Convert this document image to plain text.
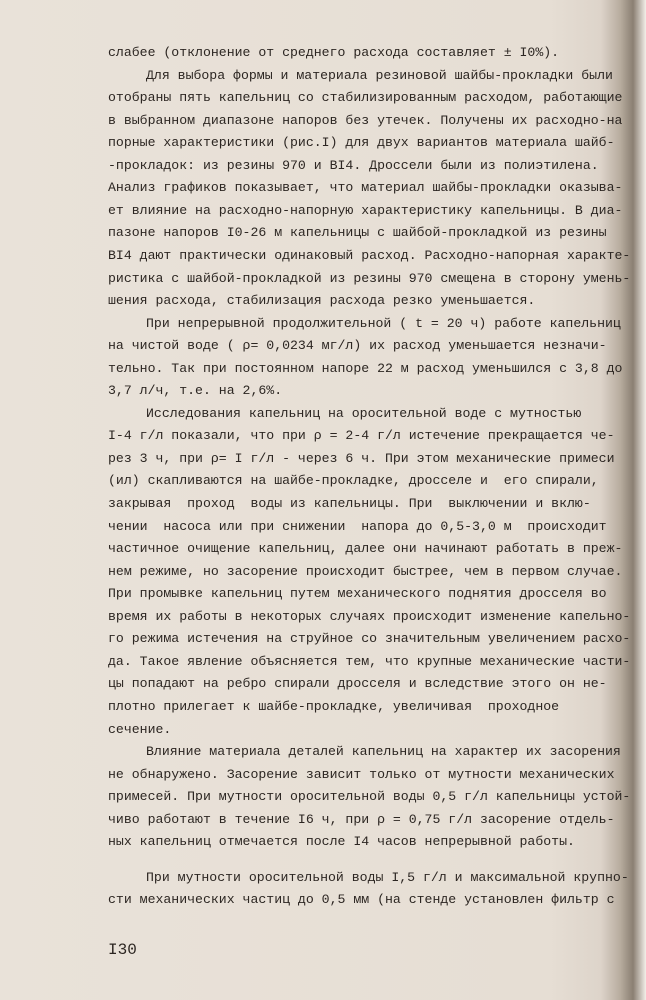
слабее (отклонение от среднего расхода составляет ± I0%).
Для выбора формы и материала резиновой шайбы-прокладки были
отобраны пять капельниц со стабилизированным расходом, работающие
в выбранном диапазоне напоров без утечек. Получены их расходно-на
порные характеристики (рис.I) для двух вариантов материала шайб-
-прокладок: из резины 970 и ВI4. Дроссели были из полиэтилена.
Анализ графиков показывает, что материал шайбы-прокладки оказыва-
ет влияние на расходно-напорную характеристику капельницы. В диа-
пазоне напоров I0-26 м капельницы с шайбой-прокладкой из резины
ВI4 дают практически одинаковый расход. Расходно-напорная характе-
ристика с шайбой-прокладкой из резины 970 смещена в сторону умень-
шения расхода, стабилизация расхода резко уменьшается.
При непрерывной продолжительной ( t = 20 ч) работе капельниц
на чистой воде ( ρ= 0,0234 мг/л) их расход уменьшается незначи-
тельно. Так при постоянном напоре 22 м расход уменьшился с 3,8 до
3,7 л/ч, т.е. на 2,6%.
Исследования капельниц на оросительной воде с мутностью
I-4 г/л показали, что при ρ = 2-4 г/л истечение прекращается че-
рез 3 ч, при ρ= I г/л - через 6 ч. При этом механические примеси
(ил) скапливаются на шайбе-прокладке, дросселе и  его спирали,
закрывая  проход  воды из капельницы. При  выключении и вклю-
чении  насоса или при снижении  напора до 0,5-3,0 м  происходит
частичное очищение капельниц, далее они начинают работать в преж-
нем режиме, но засорение происходит быстрее, чем в первом случае.
При промывке капельниц путем механического поднятия дросселя во
время их работы в некоторых случаях происходит изменение капельно-
го режима истечения на струйное со значительным увеличением расхо-
да. Такое явление объясняется тем, что крупные механические части-
цы попадают на ребро спирали дросселя и вследствие этого он не-
плотно прилегает к шайбе-прокладке, увеличивая  проходное
сечение.
Влияние материала деталей капельниц на характер их засорения
не обнаружено. Засорение зависит только от мутности механических
примесей. При мутности оросительной воды 0,5 г/л капельницы устой-
чиво работают в течение I6 ч, при ρ = 0,75 г/л засорение отдель-
ных капельниц отмечается после I4 часов непрерывной работы.
При мутности оросительной воды I,5 г/л и максимальной крупно-
сти механических частиц до 0,5 мм (на стенде установлен фильтр с
I30
